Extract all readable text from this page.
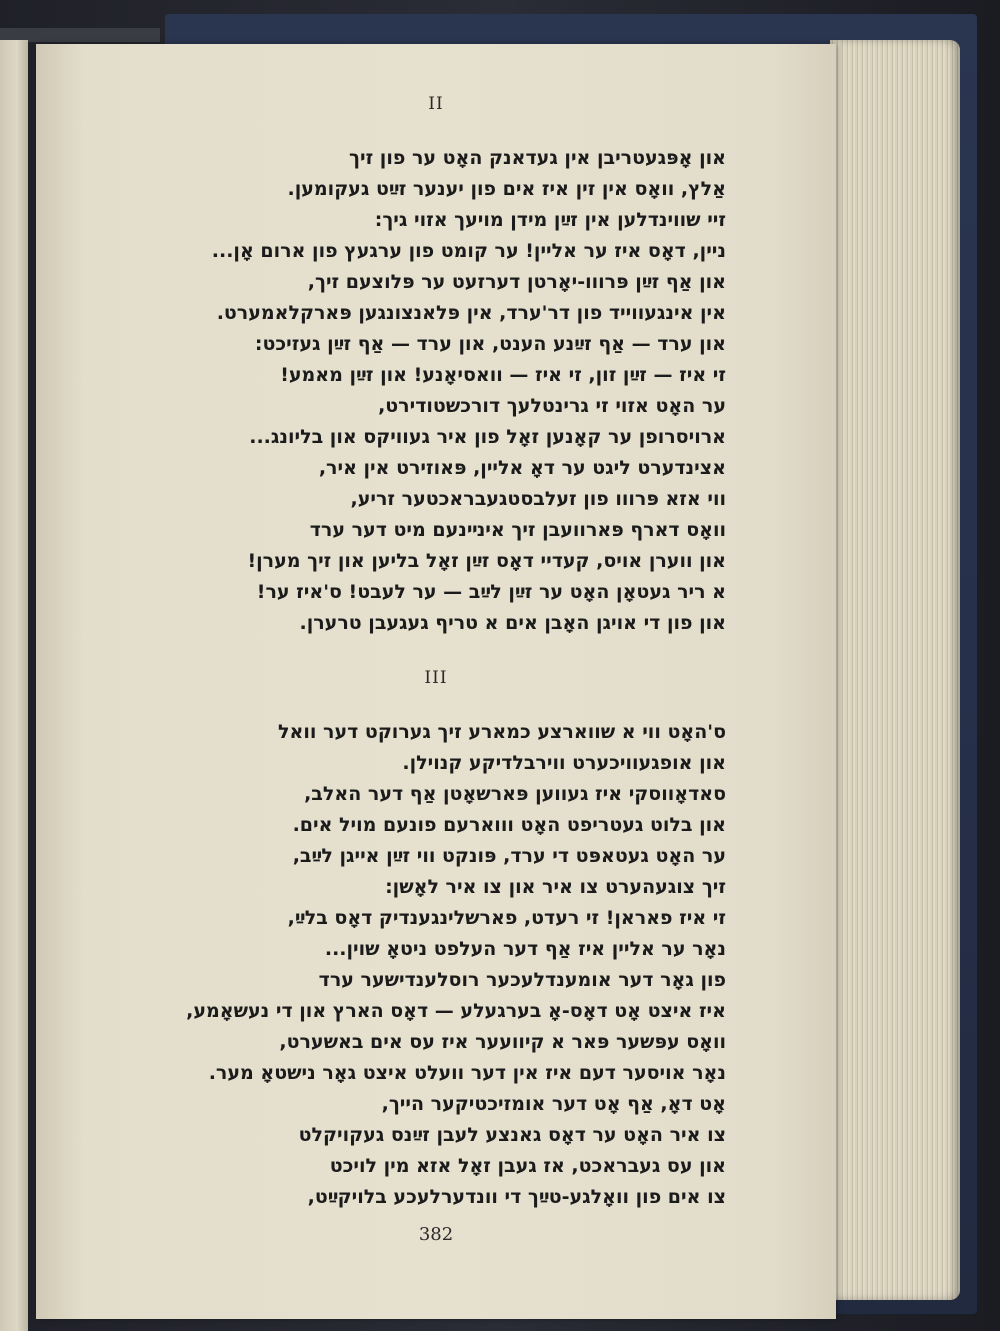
II
און אָפּגעטריבן אין געדאנק האָט ער פון זיך
אַלץ, וואָס אין זין איז אים פון יענער זײַט געקומען.
זיי שווינדלען אין זײַן מידן מויעך אזוי גיך:
ניין, דאָס איז ער אליין! ער קומט פון ערגעץ פון ארום אָן...
און אַף זײַן פּרווו-יאָרטן דערזעט ער פּלוצעם זיך,
אין אינגעווייד פון דר'ערד, אין פּלאנצונגען פּארקלאמערט.
און ערד — אַף זײַנע הענט, און ערד — אַף זײַן געזיכט:
זי איז — זײַן זון, זי איז — וואסיאָנע! און זײַן מאמע!
ער האָט אזוי זי גרינטלעך דורכשטודירט,
ארויסרופן ער קאָנען זאָל פון איר געוויקס און בליונג...
אצינדערט ליגט ער דאָ אליין, פּאוזירט אין איר,
ווי אזא פּרווו פון זעלבסטגעבראכטער זריע,
וואָס דארף פּארוועבן זיך אינײנעם מיט דער ערד
און ווערן אויס, קעדיי דאָס זײַן זאָל בליען און זיך מערן!
א ריר געטאָן האָט ער זײַן לײַב — ער לעבט! ס'איז ער!
און פון די אויגן האָבן אים א טריף געגעבן טרערן.
III
ס'האָט ווי א שווארצע כמארע זיך גערוקט דער וואל
און אופגעוויכערט ווירבלדיקע קנוילן.
סאדאָווסקי איז געווען פּארשאָטן אַף דער האלב,
און בלוט געטריפט האָט וווארעם פונעם מויל אים.
ער האָט געטאפּט די ערד, פּונקט ווי זײַן אייגן לײַב,
זיך צוגעהערט צו איר און צו איר לאָשן:
זי איז פאראן! זי רעדט, פארשלינגענדיק דאָס בלײַ,
נאָר ער אליין איז אַף דער העלפט ניטאָ שוין...
פון גאָר דער אומענדלעכער רוסלענדישער ערד
איז איצט אָט דאָס-אָ בערגעלע — דאָס הארץ און די נעשאָמע,
וואָס עפּשער פּאר א קיוועער איז עס אים באשערט,
נאָר אויסער דעם איז אין דער וועלט איצט גאָר נישטאָ מער.
אָט דאָ, אַף אָט דער אומזיכטיקער הייך,
צו איר האָט ער דאָס גאנצע לעבן זײַנס געקויקלט
און עס געבראכט, אז געבן זאָל אזא מין לויכט
צו אים פון וואָלגע-טײַך די וונדערלעכע בלויקײַט,
382
